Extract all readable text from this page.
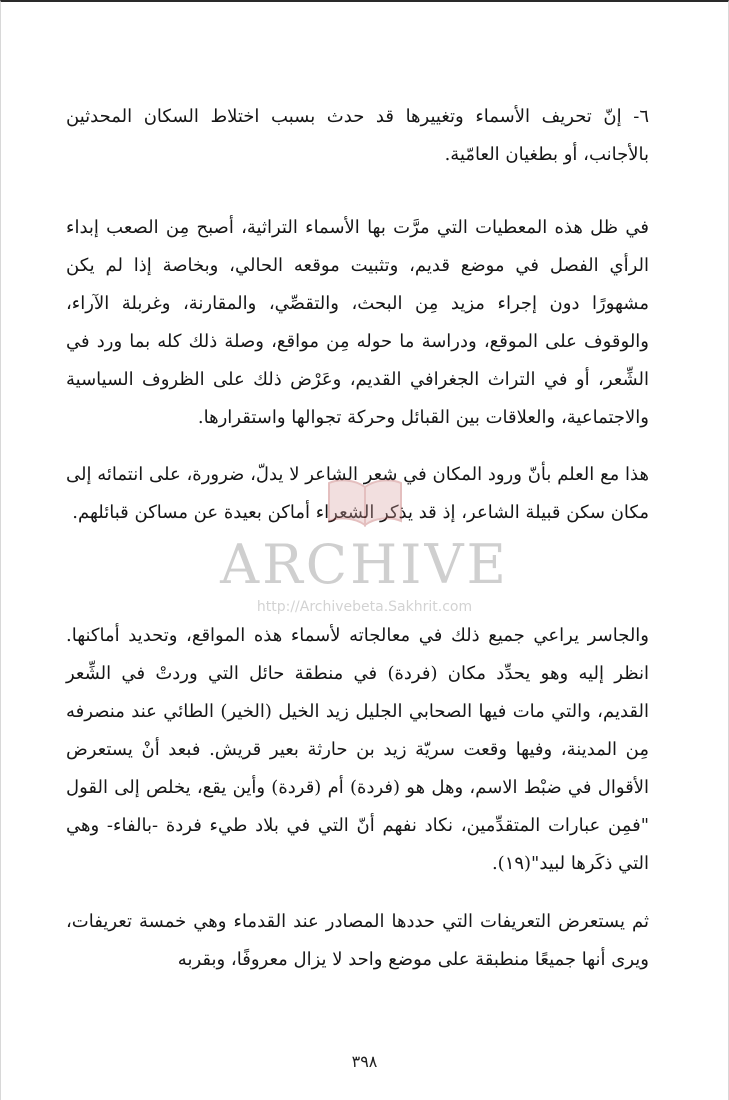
٦- إنّ تحريف الأسماء وتغييرها قد حدث بسبب اختلاط السكان المحدثين بالأجانب، أو بطغيان العامّية.
في ظل هذه المعطيات التي مرَّت بها الأسماء التراثية، أصبح مِن الصعب إبداء الرأي الفصل في موضع قديم، وتثبيت موقعه الحالي، وبخاصة إذا لم يكن مشهورًا دون إجراء مزيد مِن البحث، والتقصِّي، والمقارنة، وغربلة الآراء، والوقوف على الموقع، ودراسة ما حوله مِن مواقع، وصلة ذلك كله بما ورد في الشِّعر، أو في التراث الجغرافي القديم، وعَرْض ذلك على الظروف السياسية والاجتماعية، والعلاقات بين القبائل وحركة تجوالها واستقرارها.
هذا مع العلم بأنّ ورود المكان في شعر الشاعر لا يدلّ، ضرورة، على انتمائه إلى مكان سكن قبيلة الشاعر، إذ قد يذكر الشعراء أماكن بعيدة عن مساكن قبائلهم.
والجاسر يراعي جميع ذلك في معالجاته لأسماء هذه المواقع، وتحديد أماكنها. انظر إليه وهو يحدِّد مكان (فردة) في منطقة حائل التي وردتْ في الشِّعر القديم، والتي مات فيها الصحابي الجليل زيد الخيل (الخير) الطائي عند منصرفه مِن المدينة، وفيها وقعت سريّة زيد بن حارثة بعير قريش. فبعد أنْ يستعرض الأقوال في ضبْط الاسم، وهل هو (فردة) أم (قردة) وأين يقع، يخلص إلى القول "فمِن عبارات المتقدِّمين، نكاد نفهم أنّ التي في بلاد طيء فردة -بالفاء- وهي التي ذكَرها لبيد"(١٩).
ثم يستعرض التعريفات التي حددها المصادر عند القدماء وهي خمسة تعريفات، ويرى أنها جميعًا منطبقة على موضع واحد لا يزال معروفًا، وبقربه
ARCHIVE
http://Archivebeta.Sakhrit.com
٣٩٨
